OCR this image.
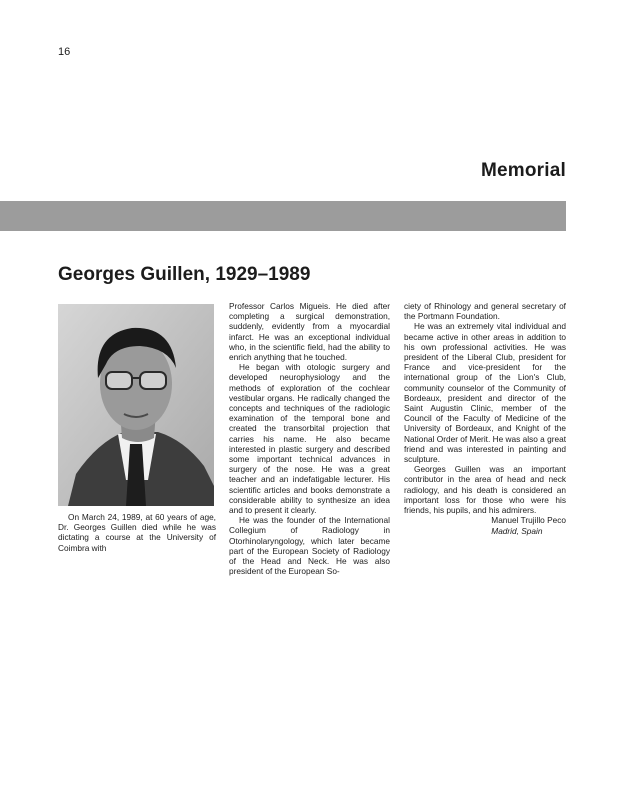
16
Memorial
Georges Guillen, 1929–1989

On March 24, 1989, at 60 years of age, Dr. Georges Guillen died while he was dictating a course at the University of Coimbra with

Professor Carlos Migueis. He died after completing a surgical demonstration, suddenly, evidently from a myocardial infarct. He was an exceptional individual who, in the scientific field, had the ability to enrich anything that he touched.

He began with otologic surgery and developed neurophysiology and the methods of exploration of the cochlear vestibular organs. He radically changed the concepts and techniques of the radiologic examination of the temporal bone and created the transorbital projection that carries his name. He also became interested in plastic surgery and described some important technical advances in surgery of the nose. He was a great teacher and an indefatigable lecturer. His scientific articles and books demonstrate a considerable ability to synthesize an idea and to present it clearly.

He was the founder of the International Collegium of Radiology in Otorhinolaryngology, which later became part of the European Society of Radiology of the Head and Neck. He was also president of the European So-

ciety of Rhinology and general secretary of the Portmann Foundation.

He was an extremely vital individual and became active in other areas in addition to his own professional activities. He was president of the Liberal Club, president for France and vice-president for the international group of the Lion's Club, community counselor of the Community of Bordeaux, president and director of the Saint Augustin Clinic, member of the Council of the Faculty of Medicine of the University of Bordeaux, and Knight of the National Order of Merit. He was also a great friend and was interested in painting and sculpture.

Georges Guillen was an important contributor in the area of head and neck radiology, and his death is considered an important loss for those who were his friends, his pupils, and his admirers.

Manuel Trujillo Peco
Madrid, Spain
